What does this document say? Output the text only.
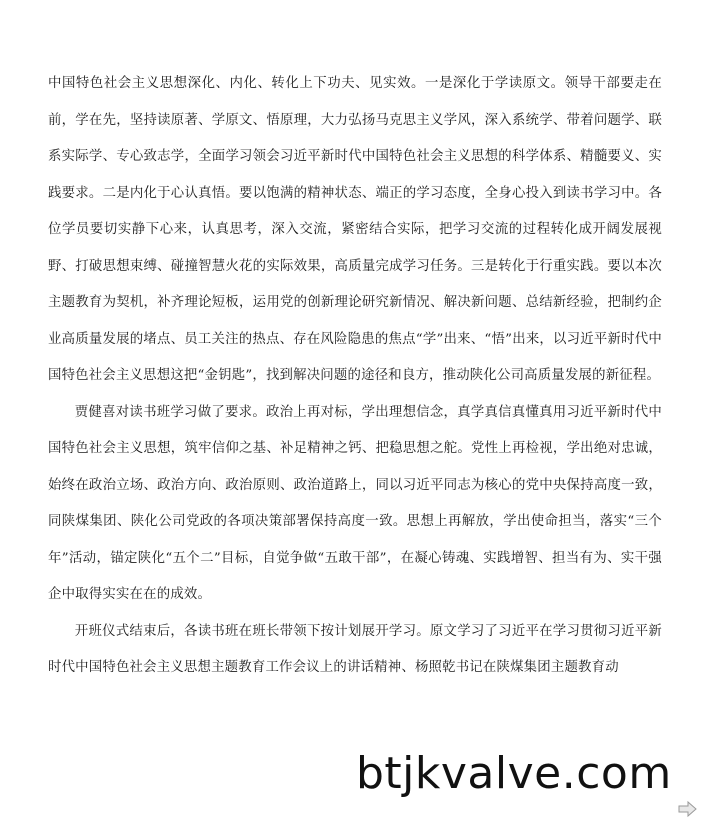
中国特色社会主义思想深化、内化、转化上下功夫、见实效。一是深化于学读原文。领导干部要走在前，学在先，坚持读原著、学原文、悟原理，大力弘扬马克思主义学风，深入系统学、带着问题学、联系实际学、专心致志学，全面学习领会习近平新时代中国特色社会主义思想的科学体系、精髓要义、实践要求。二是内化于心认真悟。要以饱满的精神状态、端正的学习态度，全身心投入到读书学习中。各位学员要切实静下心来，认真思考，深入交流，紧密结合实际，把学习交流的过程转化成开阔发展视野、打破思想束缚、碰撞智慧火花的实际效果，高质量完成学习任务。三是转化于行重实践。要以本次主题教育为契机，补齐理论短板，运用党的创新理论研究新情况、解决新问题、总结新经验，把制约企业高质量发展的堵点、员工关注的热点、存在风险隐患的焦点“学”出来、“悟”出来，以习近平新时代中国特色社会主义思想这把“金钥匙”，找到解决问题的途径和良方，推动陕化公司高质量发展的新征程。

贾健喜对读书班学习做了要求。政治上再对标，学出理想信念，真学真信真懂真用习近平新时代中国特色社会主义思想，筑牢信仰之基、补足精神之钙、把稳思想之舵。党性上再检视，学出绝对忠诚，始终在政治立场、政治方向、政治原则、政治道路上，同以习近平同志为核心的党中央保持高度一致，同陕煤集团、陕化公司党政的各项决策部署保持高度一致。思想上再解放，学出使命担当，落实“三个年”活动，锚定陕化“五个二”目标，自觉争做“五敢干部”，在凝心铸魂、实践增智、担当有为、实干强企中取得实实在在的成效。

开班仪式结束后，各读书班在班长带领下按计划展开学习。原文学习了习近平在学习贯彻习近平新时代中国特色社会主义思想主题教育工作会议上的讲话精神、杨照乾书记在陕煤集团主题教育动

btjkvalve.com
